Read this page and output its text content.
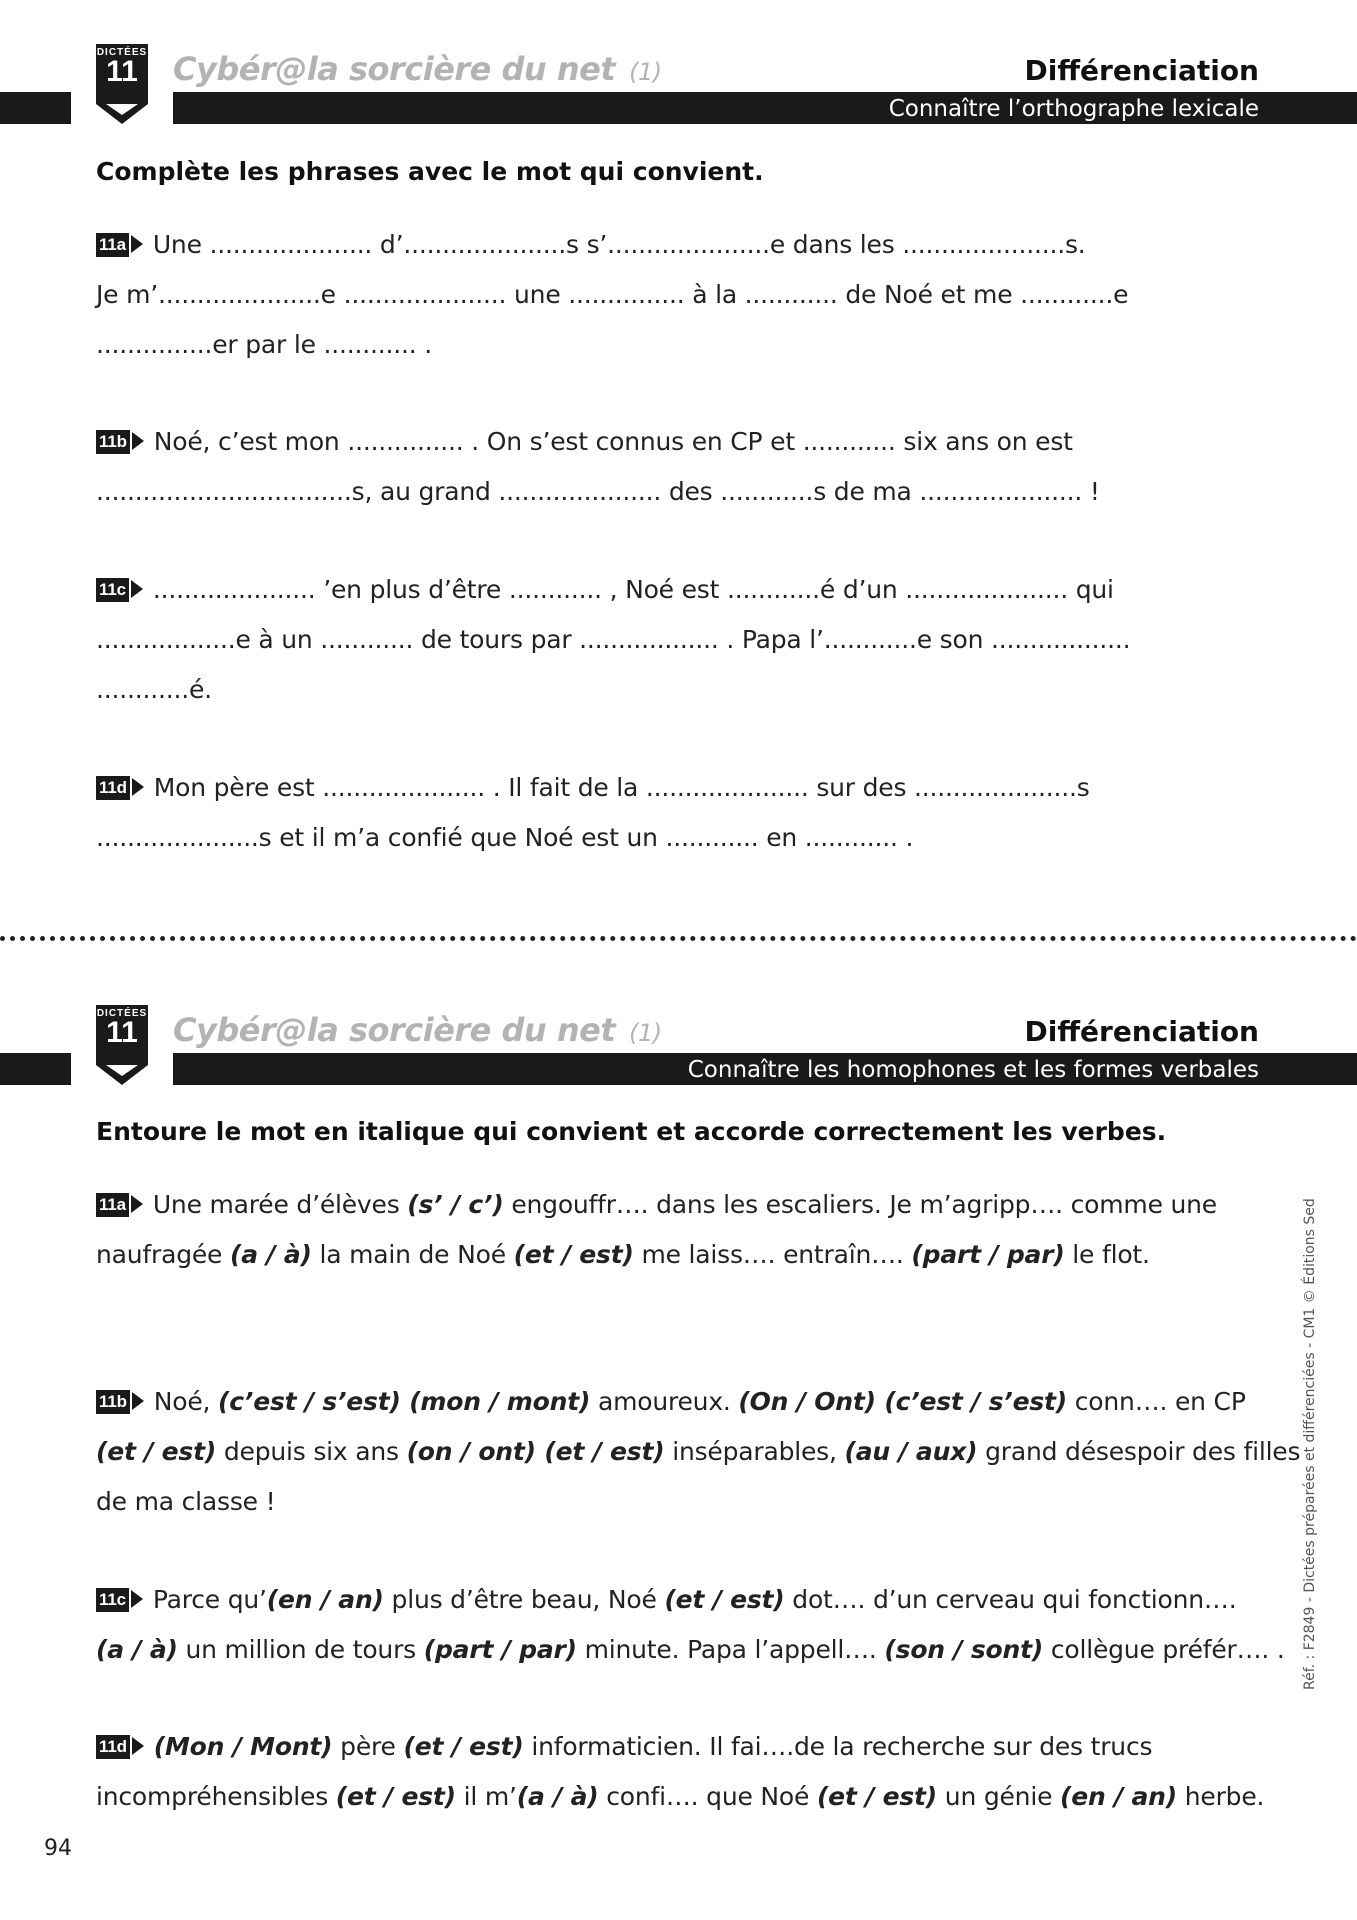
DICTÉES
11	Cybér@la sorcière du net (1)	Différenciation
Connaître l’orthographe lexicale
Complète les phrases avec le mot qui convient.

11a Une ..................... d’.....................s s’.....................e dans les .....................s.

Je m’.....................e ..................... une ............... à la ............ de Noé et me ............e

...............er par le ............ .

11b Noé, c’est mon ............... . On s’est connus en CP et ............ six ans on est

.................................s, au grand ..................... des ............s de ma ..................... !

11c ..................... ’en plus d’être ............ , Noé est ............é d’un ..................... qui

..................e à un ............ de tours par .................. . Papa l’............e son ..................

............é.

11d Mon père est ..................... . Il fait de la ..................... sur des .....................s

.....................s et il m’a confié que Noé est un ............ en ............ .

DICTÉES
11	Cybér@la sorcière du net (1)	Différenciation
Connaître les homophones et les formes verbales
Entoure le mot en italique qui convient et accorde correctement les verbes.

11a Une marée d’élèves (s’ / c’) engouffr…. dans les escaliers. Je m’agripp…. comme une

naufragée (a / à) la main de Noé (et / est) me laiss…. entraîn…. (part / par) le flot.

11b Noé, (c’est / s’est) (mon / mont) amoureux. (On / Ont) (c’est / s’est) conn…. en CP

(et / est) depuis six ans (on / ont) (et / est) inséparables, (au / aux) grand désespoir des filles

de ma classe !

11c Parce qu’(en / an) plus d’être beau, Noé (et / est) dot…. d’un cerveau qui fonctionn….

(a / à) un million de tours (part / par) minute. Papa l’appell…. (son / sont) collègue préfér…. .

11d (Mon / Mont) père (et / est) informaticien. Il fai….de la recherche sur des trucs

incompréhensibles (et / est) il m’(a / à) confi…. que Noé (et / est) un génie (en / an) herbe.

Réf. : F2849 - Dictées préparées et différenciées - CM1 © Éditions Sed
94
